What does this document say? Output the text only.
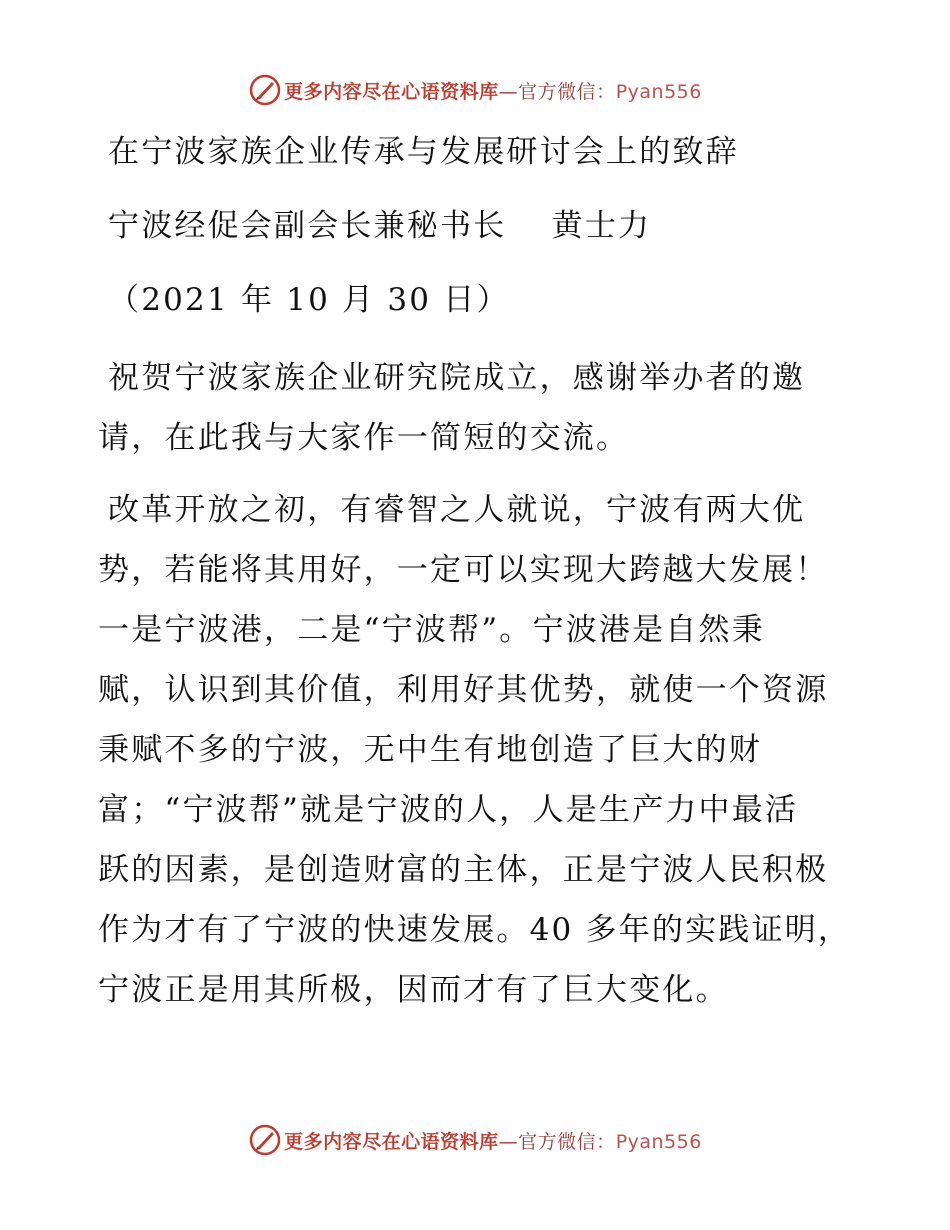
更多内容尽在心语资料库—官方微信：Pyan556
在宁波家族企业传承与发展研讨会上的致辞
宁波经促会副会长兼秘书长　 黄士力
（2021 年 10 月 30 日）
祝贺宁波家族企业研究院成立，感谢举办者的邀
请，在此我与大家作一简短的交流。
改革开放之初，有睿智之人就说，宁波有两大优
势，若能将其用好，一定可以实现大跨越大发展！
一是宁波港，二是“宁波帮”。宁波港是自然秉
赋，认识到其价值，利用好其优势，就使一个资源
秉赋不多的宁波，无中生有地创造了巨大的财
富；“宁波帮”就是宁波的人，人是生产力中最活
跃的因素，是创造财富的主体，正是宁波人民积极
作为才有了宁波的快速发展。40 多年的实践证明，
宁波正是用其所极，因而才有了巨大变化。
更多内容尽在心语资料库—官方微信：Pyan556
